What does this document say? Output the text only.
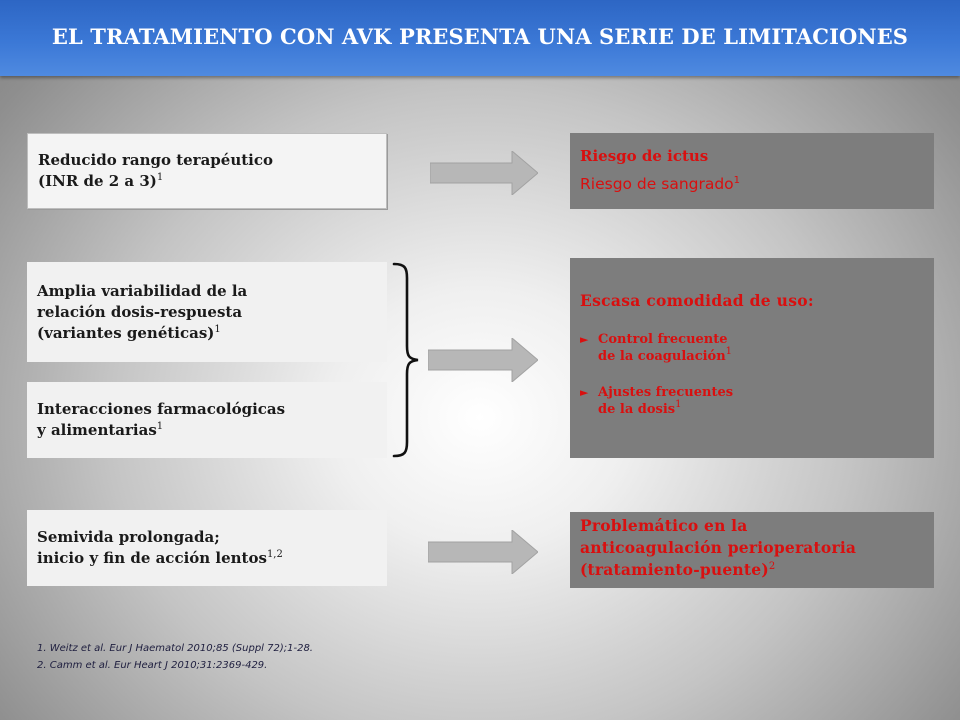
EL TRATAMIENTO CON AVK PRESENTA UNA SERIE DE LIMITACIONES
Reducido rango terapéutico
(INR de 2 a 3)$^1$
Riesgo de ictus
Riesgo de sangrado$^1$
Amplia variabilidad de la
relación dosis-respuesta
(variantes genéticas)$^1$
Interacciones farmacológicas
y alimentarias$^1$
Escasa comodidad de uso:
► Control frecuente
de la coagulación$^1$
► Ajustes frecuentes
de la dosis$^1$
Semivida prolongada;
inicio y fin de acción lentos$^{1,2}$
Problemático en la
anticoagulación perioperatoria
(tratamiento-puente)$^2$
1. Weitz et al. Eur J Haematol 2010;85 (Suppl 72);1-28.
2. Camm et al. Eur Heart J 2010;31:2369-429.
